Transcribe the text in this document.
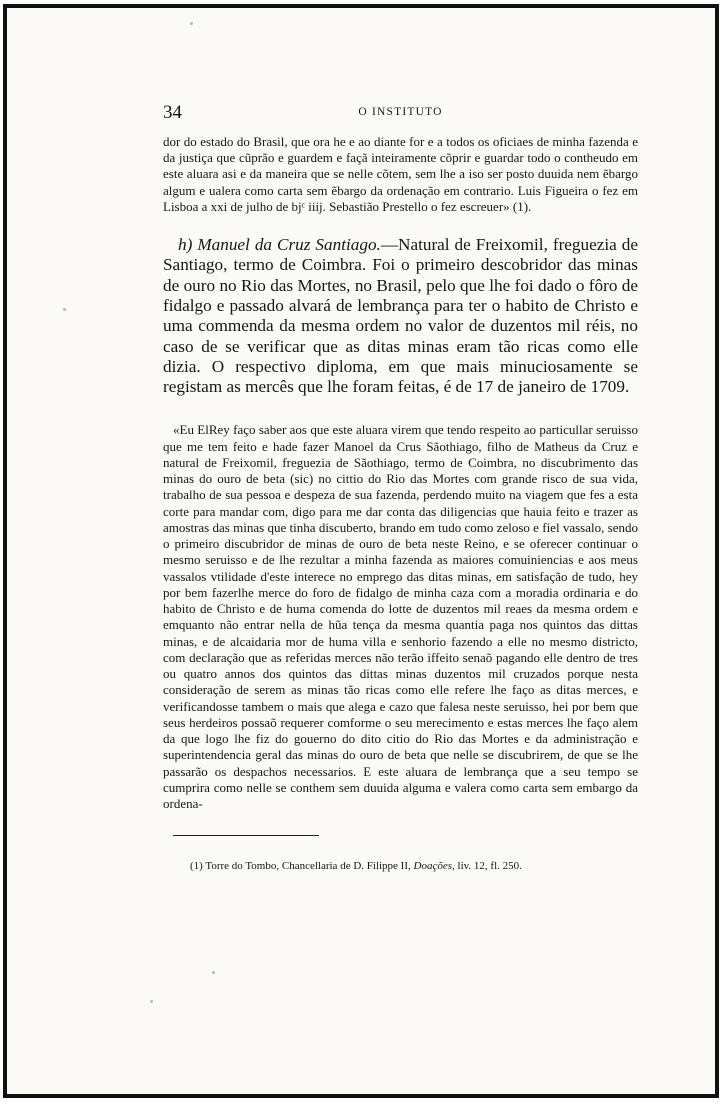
34	O INSTITUTO

dor do estado do Brasil, que ora he e ao diante for e a todos os oficiaes de minha fazenda e da justiça que cũprão e guardem e façã inteiramente cõprir e guardar todo o contheudo em este aluara asi e da maneira que se nelle cõtem, sem lhe a iso ser posto duuida nem ẽbargo algum e ualera como carta sem ẽbargo da ordenação em contrario. Luis Figueira o fez em Lisboa a xxi de julho de bjᶜ iiij. Sebastião Prestello o fez escreuer» (1).

h) Manuel da Cruz Santiago.—Natural de Freixomil, freguezia de Santiago, termo de Coimbra. Foi o primeiro descobridor das minas de ouro no Rio das Mortes, no Brasil, pelo que lhe foi dado o fôro de fidalgo e passado alvará de lembrança para ter o habito de Christo e uma commenda da mesma ordem no valor de duzentos mil réis, no caso de se verificar que as ditas minas eram tão ricas como elle dizia. O respectivo diploma, em que mais minuciosamente se registam as mercês que lhe foram feitas, é de 17 de janeiro de 1709.

«Eu ElRey faço saber aos que este aluara virem que tendo respeito ao particullar seruisso que me tem feito e hade fazer Manoel da Crus Sãothiago, filho de Matheus da Cruz e natural de Freixomil, freguezia de Sãothiago, termo de Coimbra, no discubrimento das minas do ouro de beta (sic) no cittio do Rio das Mortes com grande risco de sua vida, trabalho de sua pessoa e despeza de sua fazenda, perdendo muito na viagem que fes a esta corte para mandar com, digo para me dar conta das diligencias que hauia feito e trazer as amostras das minas que tinha discuberto, brando em tudo como zeloso e fiel vassalo, sendo o primeiro discubridor de minas de ouro de beta neste Reino, e se oferecer continuar o mesmo seruisso e de lhe rezultar a minha fazenda as maiores comuiniencias e aos meus vassalos vtilidade d'este interece no emprego das ditas minas, em satisfação de tudo, hey por bem fazerlhe merce do foro de fidalgo de minha caza com a moradia ordinaria e do habito de Christo e de huma comenda do lotte de duzentos mil reaes da mesma ordem e emquanto não entrar nella de hũa tença da mesma quantia paga nos quintos das dittas minas, e de alcaidaria mor de huma villa e senhorio fazendo a elle no mesmo districto, com declaração que as referidas merces não terão iffeito senaõ pagando elle dentro de tres ou quatro annos dos quintos das dittas minas duzentos mil cruzados porque nesta consideração de serem as minas tão ricas como elle refere lhe faço as ditas merces, e verificandosse tambem o mais que alega e cazo que falesa neste seruisso, hei por bem que seus herdeiros possaõ requerer comforme o seu merecimento e estas merces lhe faço alem da que logo lhe fiz do gouerno do dito citio do Rio das Mortes e da administração e superintendencia geral das minas do ouro de beta que nelle se discubrirem, de que se lhe passarão os despachos necessarios. E este aluara de lembrança que a seu tempo se cumprira como nelle se conthem sem duuida alguma e valera como carta sem embargo da ordena-

(1) Torre do Tombo, Chancellaria de D. Filippe II, Doações, liv. 12, fl. 250.
